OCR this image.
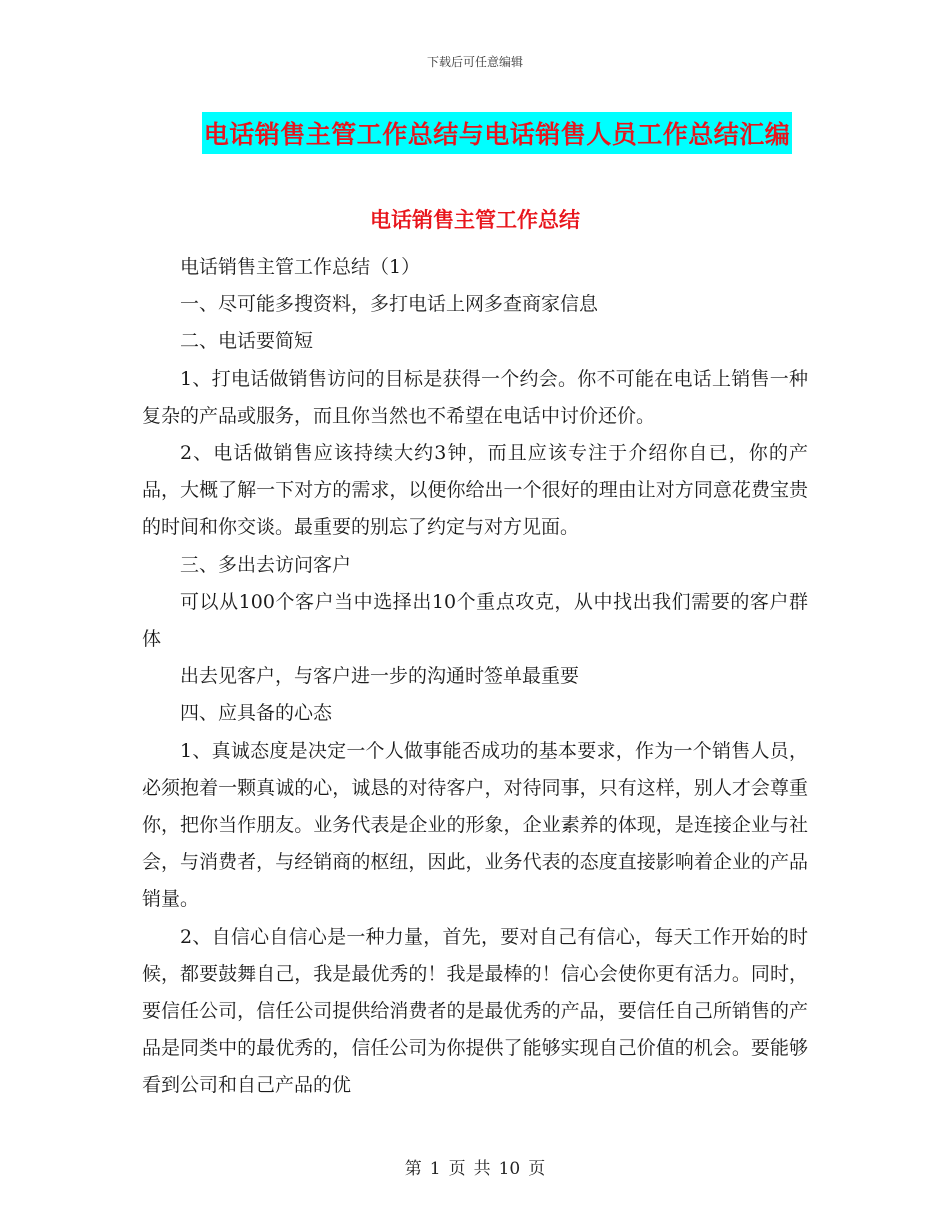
下载后可任意编辑
电话销售主管工作总结与电话销售人员工作总结汇编
电话销售主管工作总结

电话销售主管工作总结（1）

一、尽可能多搜资料，多打电话上网多查商家信息

二、电话要简短

1、打电话做销售访问的目标是获得一个约会。你不可能在电话上销售一种复杂的产品或服务，而且你当然也不希望在电话中讨价还价。

2、电话做销售应该持续大约3钟，而且应该专注于介绍你自已，你的产品，大概了解一下对方的需求，以便你给出一个很好的理由让对方同意花费宝贵的时间和你交谈。最重要的别忘了约定与对方见面。

三、多出去访问客户

可以从100个客户当中选择出10个重点攻克，从中找出我们需要的客户群体

出去见客户，与客户进一步的沟通时签单最重要

四、应具备的心态

1、真诚态度是决定一个人做事能否成功的基本要求，作为一个销售人员，必须抱着一颗真诚的心，诚恳的对待客户，对待同事，只有这样，别人才会尊重你，把你当作朋友。业务代表是企业的形象，企业素养的体现，是连接企业与社会，与消费者，与经销商的枢纽，因此，业务代表的态度直接影响着企业的产品销量。

2、自信心自信心是一种力量，首先，要对自己有信心，每天工作开始的时候，都要鼓舞自己，我是最优秀的！我是最棒的！信心会使你更有活力。同时，要信任公司，信任公司提供给消费者的是最优秀的产品，要信任自己所销售的产品是同类中的最优秀的，信任公司为你提供了能够实现自己价值的机会。要能够看到公司和自己产品的优

第 1 页 共 10 页
